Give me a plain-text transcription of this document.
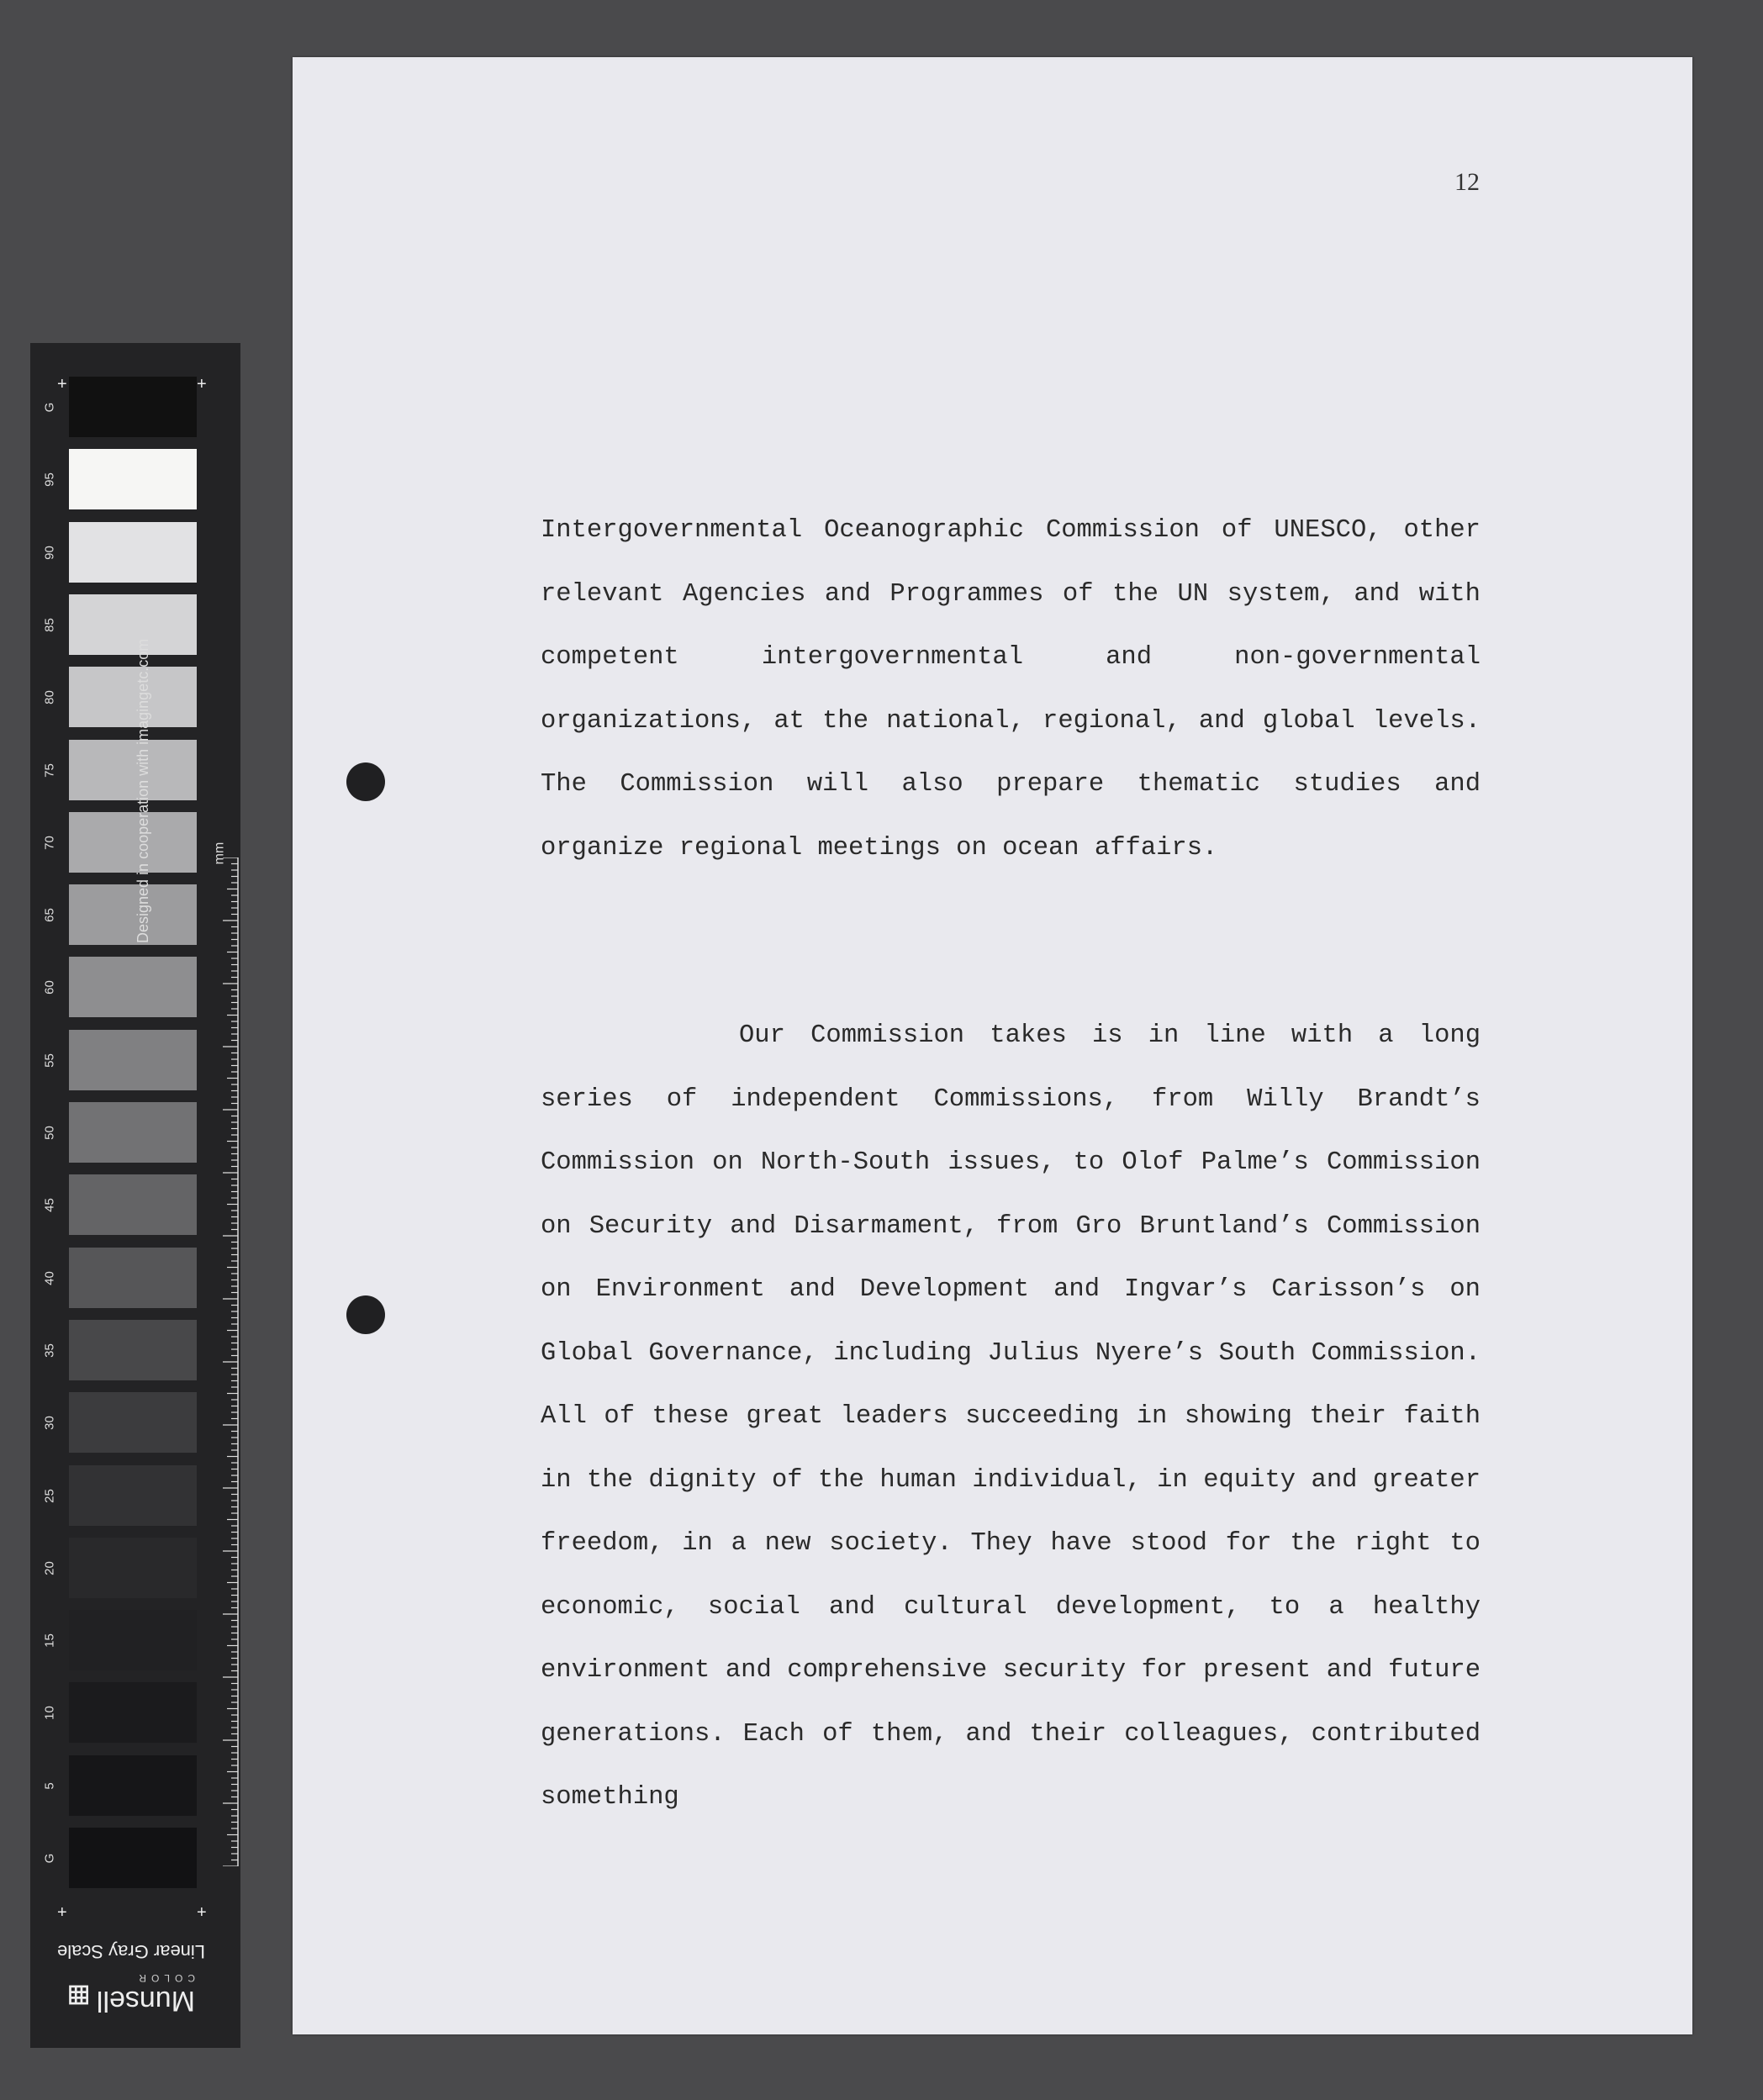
+	+
G
95
90
85
80
75
70
65
60
55
50
45
40
35
30
25
20
15
10
5
G
Designed in cooperation with imagingetc.com	mm
+	+
Linear Gray Scale
Munsell
COLOR
12

Intergovernmental Oceanographic Commission of UNESCO, other relevant Agencies and Programmes of the UN system, and with competent intergovernmental and non-governmental organizations, at the national, regional, and global levels. The Commission will also prepare thematic studies and organize regional meetings on ocean affairs.

Our Commission takes is in line with a long series of independent Commissions, from Willy Brandt’s Commission on North-South issues, to Olof Palme’s Commission on Security and Disarmament, from Gro Bruntland’s Commission on Environment and Development and Ingvar’s Carisson’s on Global Governance, including Julius Nyere’s South Commission. All of these great leaders succeeding in showing their faith in the dignity of the human individual, in equity and greater freedom, in a new society. They have stood for the right to economic, social and cultural development, to a healthy environment and comprehensive security for present and future generations. Each of them, and their colleagues, contributed something
